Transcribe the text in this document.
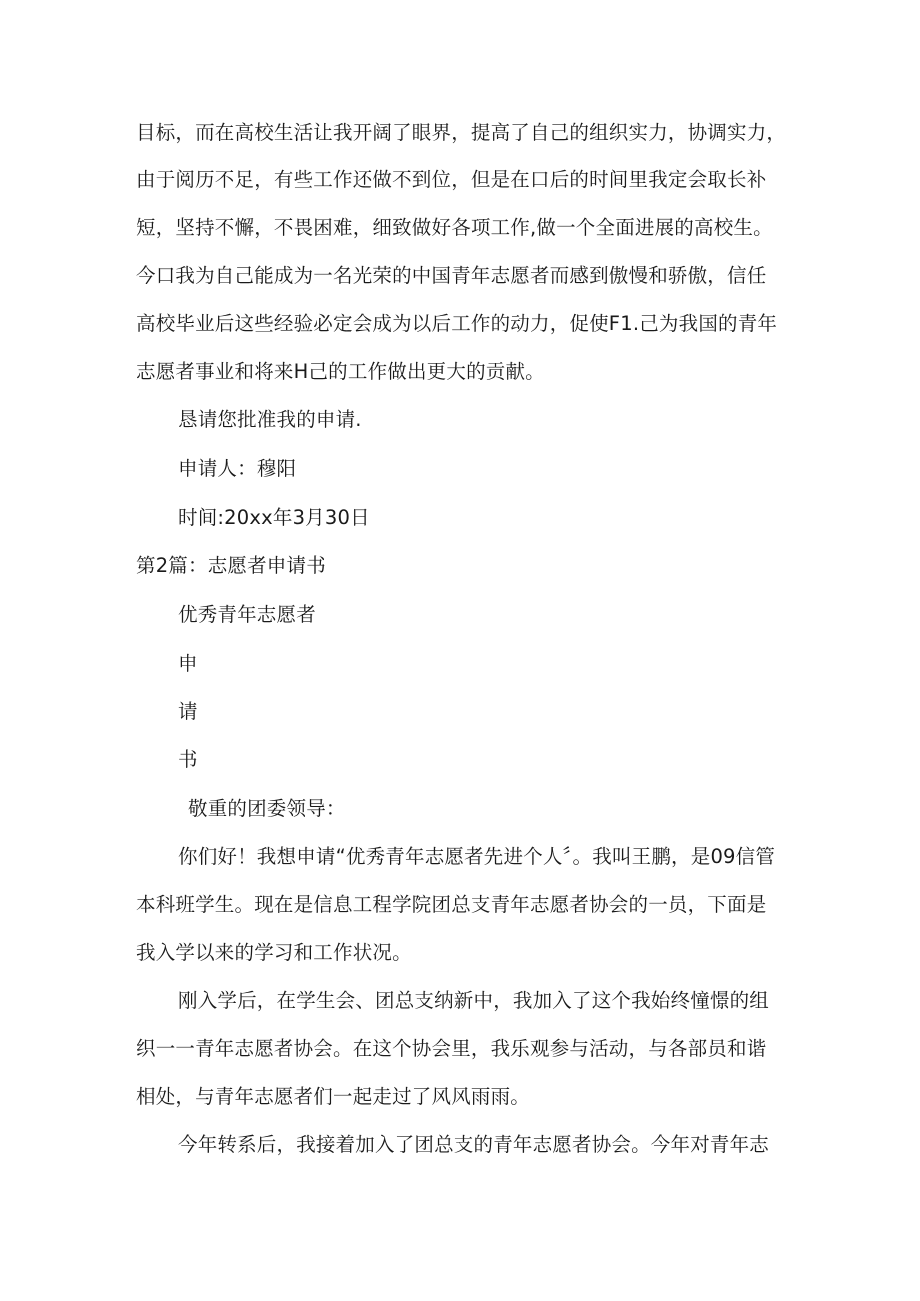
目标，而在高校生活让我开阔了眼界，提高了自己的组织实力，协调实力，
由于阅历不足，有些工作还做不到位，但是在口后的时间里我定会取长补
短，坚持不懈，不畏困难，细致做好各项工作,做一个全面进展的高校生。
今口我为自己能成为一名光荣的中国青年志愿者而感到傲慢和骄傲，信任
高校毕业后这些经验必定会成为以后工作的动力，促使F1.己为我国的青年
志愿者事业和将来H己的工作做出更大的贡献。
恳请您批准我的申请.
申请人：穆阳
时间:20xx年3月30日
第2篇：志愿者申请书
优秀青年志愿者
申
请
书
敬重的团委领导：
你们好！我想申请“优秀青年志愿者先进个人〞。我叫王鹏，是09信管
本科班学生。现在是信息工程学院团总支青年志愿者协会的一员，下面是
我入学以来的学习和工作状况。
刚入学后，在学生会、团总支纳新中，我加入了这个我始终憧憬的组
织一一青年志愿者协会。在这个协会里，我乐观参与活动，与各部员和谐
相处，与青年志愿者们一起走过了风风雨雨。
今年转系后，我接着加入了团总支的青年志愿者协会。今年对青年志
